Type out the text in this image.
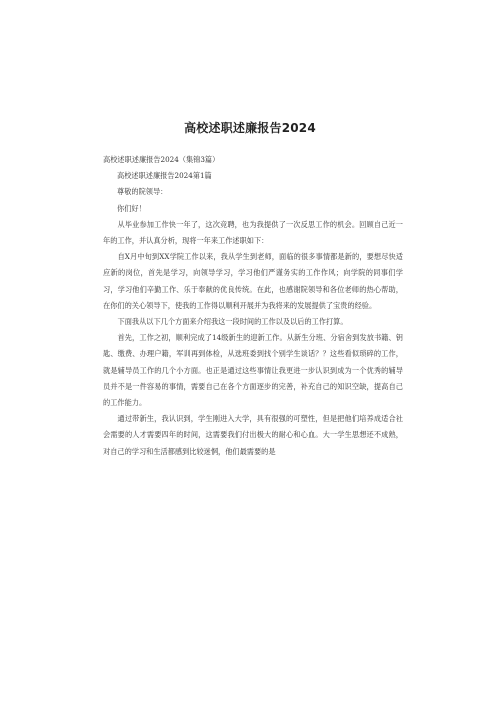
高校述职述廉报告2024

高校述职述廉报告2024（集锦3篇）

高校述职述廉报告2024第1篇

尊敬的院领导：

你们好！

从毕业参加工作快一年了，这次竞聘，也为我提供了一次反思工作的机会。回顾自己近一年的工作，并认真分析，现将一年来工作述职如下：

自X月中旬到XX学院工作以来，我从学生到老师，面临的很多事情都是新的，要想尽快适应新的岗位，首先是学习，向领导学习，学习他们严谨务实的工作作风；向学院的同事们学习，学习他们辛勤工作、乐于奉献的优良传统。在此，也感谢院领导和各位老师的热心帮助，在你们的关心领导下，使我的工作得以顺利开展并为我将来的发展提供了宝贵的经验。

下面我从以下几个方面来介绍我这一段时间的工作以及以后的工作打算。

首先，工作之初，顺利完成了14级新生的迎新工作。从新生分班、分宿舍到发放书籍、钥匙、缴费、办理户籍，军训再到体检，从选班委到找个别学生谈话？？这些看似琐碎的工作，就是辅导员工作的几个小方面。也正是通过这些事情让我更进一步认识到成为一个优秀的辅导员并不是一件容易的事情，需要自己在各个方面逐步的完善，补充自己的知识空缺，提高自己的工作能力。

通过带新生，我认识到，学生刚进入大学，具有很强的可塑性，但是把他们培养成适合社会需要的人才需要四年的时间，这需要我们付出极大的耐心和心血。大一学生思想还不成熟，对自己的学习和生活都感到比较迷惘，他们最需要的是
